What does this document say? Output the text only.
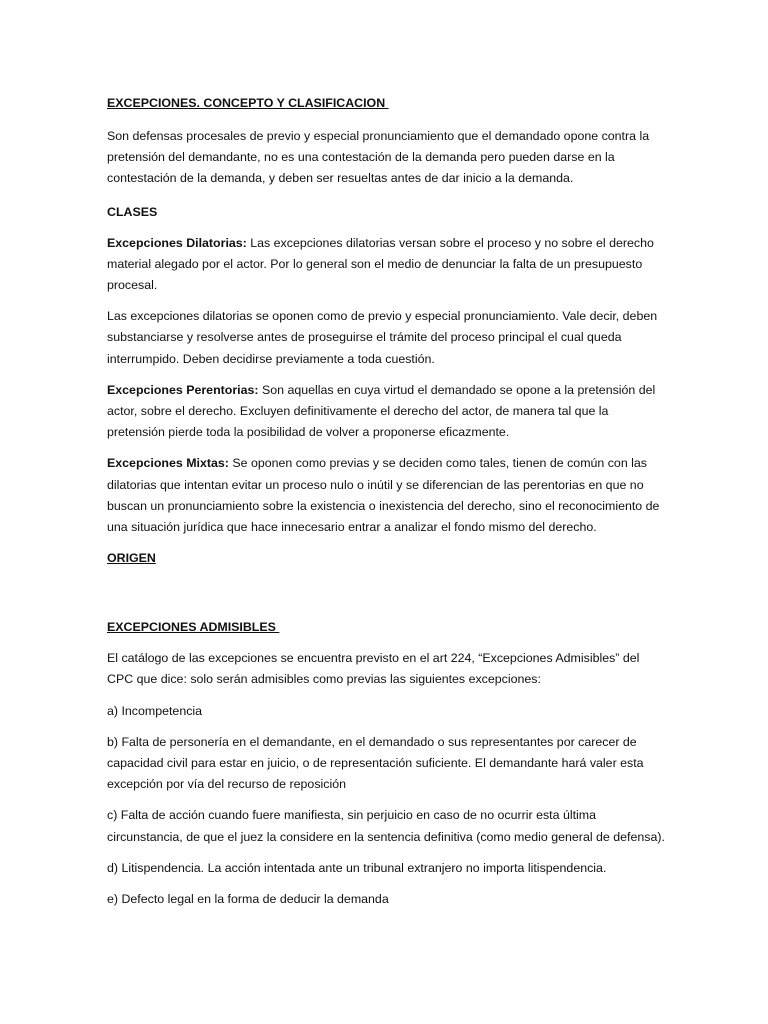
EXCEPCIONES. CONCEPTO Y CLASIFICACION

Son defensas procesales de previo y especial pronunciamiento que el demandado opone contra la pretensión del demandante, no es una contestación de la demanda pero pueden darse en la contestación de la demanda, y deben ser resueltas antes de dar inicio a la demanda.

CLASES

Excepciones Dilatorias: Las excepciones dilatorias versan sobre el proceso y no sobre el derecho material alegado por el actor. Por lo general son el medio de denunciar la falta de un presupuesto procesal.

Las excepciones dilatorias se oponen como de previo y especial pronunciamiento. Vale decir, deben substanciarse y resolverse antes de proseguirse el trámite del proceso principal el cual queda interrumpido. Deben decidirse previamente a toda cuestión.

Excepciones Perentorias: Son aquellas en cuya virtud el demandado se opone a la pretensión del actor, sobre el derecho. Excluyen definitivamente el derecho del actor, de manera tal que la pretensión pierde toda la posibilidad de volver a proponerse eficazmente.

Excepciones Mixtas: Se oponen como previas y se deciden como tales, tienen de común con las dilatorias que intentan evitar un proceso nulo o inútil y se diferencian de las perentorias en que no buscan un pronunciamiento sobre la existencia o inexistencia del derecho, sino el reconocimiento de una situación jurídica que hace innecesario entrar a analizar el fondo mismo del derecho.

ORIGEN

EXCEPCIONES ADMISIBLES

El catálogo de las excepciones se encuentra previsto en el art 224, “Excepciones Admisibles” del CPC que dice: solo serán admisibles como previas las siguientes excepciones:

a) Incompetencia

b) Falta de personería en el demandante, en el demandado o sus representantes por carecer de capacidad civil para estar en juicio, o de representación suficiente. El demandante hará valer esta excepción por vía del recurso de reposición

c) Falta de acción cuando fuere manifiesta, sin perjuicio en caso de no ocurrir esta última circunstancia, de que el juez la considere en la sentencia definitiva (como medio general de defensa).

d) Litispendencia. La acción intentada ante un tribunal extranjero no importa litispendencia.

e) Defecto legal en la forma de deducir la demanda
